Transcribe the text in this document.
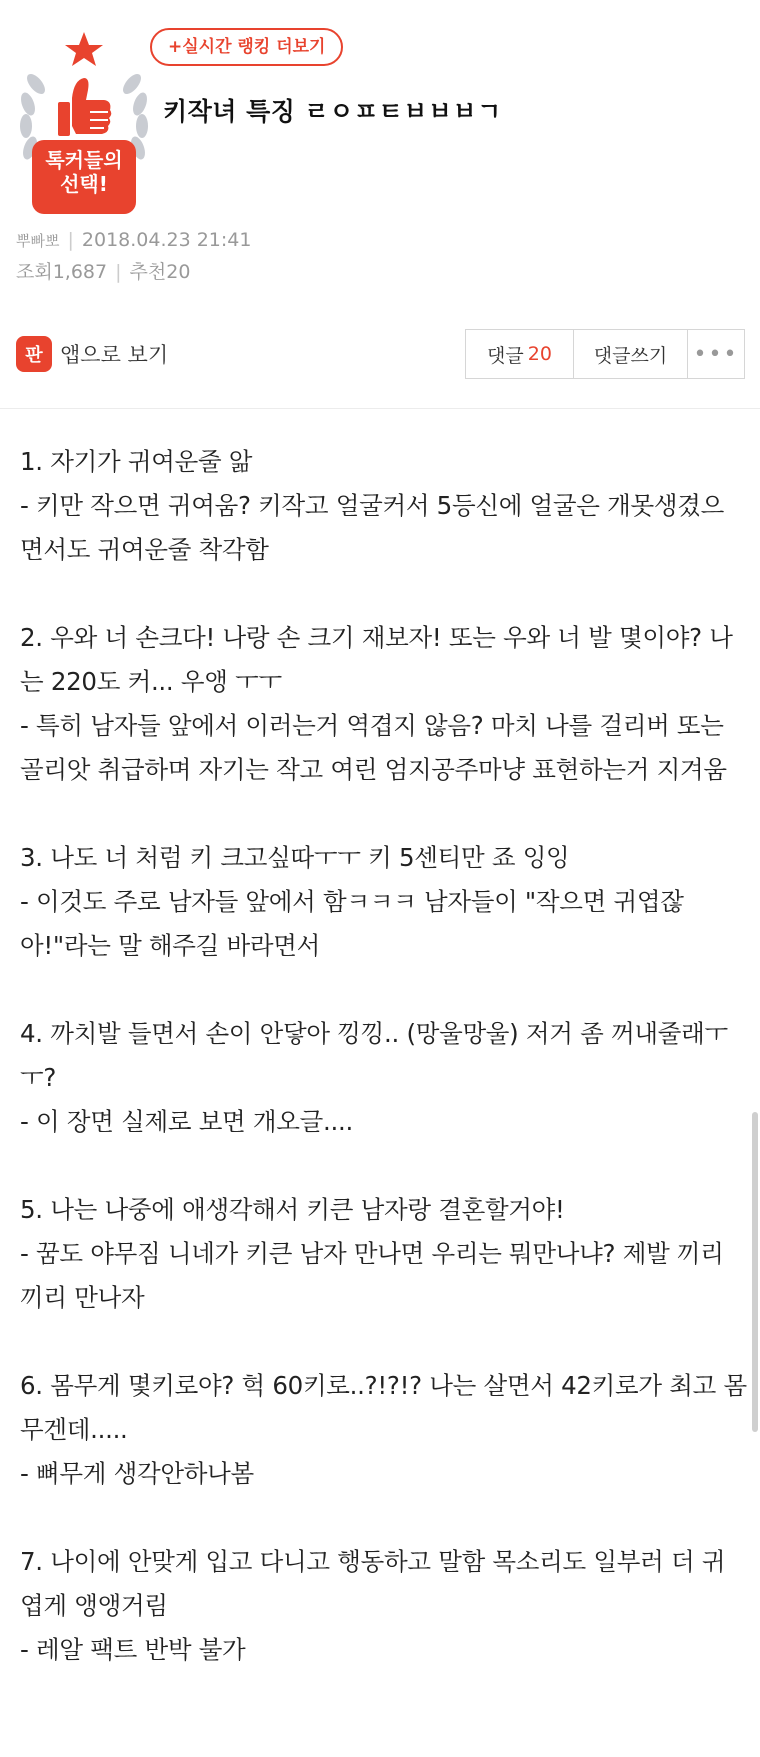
톡커들의
선택!
+실시간 랭킹 더보기
키작녀 특징 ㄹㅇㅍㅌㅂㅂㅂㄱ
뿌빠뽀 | 2018.04.23 21:41
조회1,687 | 추천20
판 앱으로 보기	댓글 20	댓글쓰기	•••
1. 자기가 귀여운줄 앎
- 키만 작으면 귀여움? 키작고 얼굴커서 5등신에 얼굴은 개못생겼으
면서도 귀여운줄 착각함
2. 우와 너 손크다! 나랑 손 크기 재보자! 또는 우와 너 발 몇이야? 나
는 220도 커... 우앵 ㅜㅜ
- 특히 남자들 앞에서 이러는거 역겹지 않음? 마치 나를 걸리버 또는
골리앗 취급하며 자기는 작고 여린 엄지공주마냥 표현하는거 지겨움
3. 나도 너 처럼 키 크고싶따ㅜㅜ 키 5센티만 죠 잉잉
- 이것도 주로 남자들 앞에서 함ㅋㅋㅋ 남자들이 "작으면 귀엽잖
아!"라는 말 해주길 바라면서
4. 까치발 들면서 손이 안닿아 낑낑.. (망울망울) 저거 좀 꺼내줄래ㅜ
ㅜ?
- 이 장면 실제로 보면 개오글....
5. 나는 나중에 애생각해서 키큰 남자랑 결혼할거야!
- 꿈도 야무짐 니네가 키큰 남자 만나면 우리는 뭐만나냐? 제발 끼리
끼리 만나자
6. 몸무게 몇키로야? 헉 60키로..?!?!? 나는 살면서 42키로가 최고 몸
무겐데.....
- 뼈무게 생각안하나봄
7. 나이에 안맞게 입고 다니고 행동하고 말함 목소리도 일부러 더 귀
엽게 앵앵거림
- 레알 팩트 반박 불가
